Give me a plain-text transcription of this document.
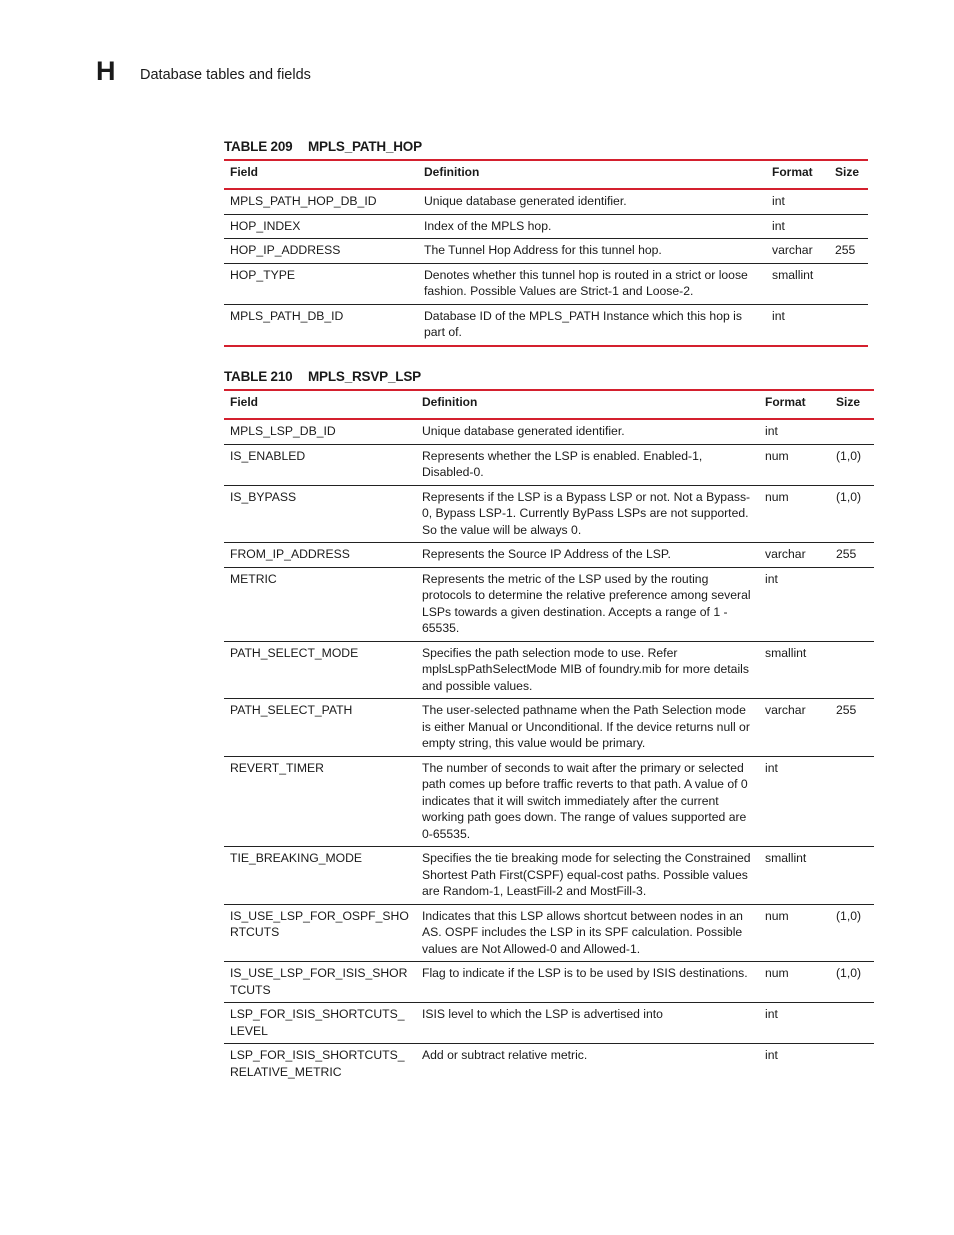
H Database tables and fields
TABLE 209 MPLS_PATH_HOP
Field	Definition	Format	Size
MPLS_PATH_HOP_DB_ID	Unique database generated identifier.	int	
HOP_INDEX	Index of the MPLS hop.	int	
HOP_IP_ADDRESS	The Tunnel Hop Address for this tunnel hop.	varchar	255
HOP_TYPE	Denotes whether this tunnel hop is routed in a strict or loose fashion. Possible Values are Strict-1 and Loose-2.	smallint	
MPLS_PATH_DB_ID	Database ID of the MPLS_PATH Instance which this hop is part of.	int	
TABLE 210 MPLS_RSVP_LSP
Field	Definition	Format	Size
MPLS_LSP_DB_ID	Unique database generated identifier.	int	
IS_ENABLED	Represents whether the LSP is enabled. Enabled-1, Disabled-0.	num	(1,0)
IS_BYPASS	Represents if the LSP is a Bypass LSP or not. Not a Bypass-0, Bypass LSP-1. Currently ByPass LSPs are not supported. So the value will be always 0.	num	(1,0)
FROM_IP_ADDRESS	Represents the Source IP Address of the LSP.	varchar	255
METRIC	Represents the metric of the LSP used by the routing protocols to determine the relative preference among several LSPs towards a given destination. Accepts a range of 1 - 65535.	int	
PATH_SELECT_MODE	Specifies the path selection mode to use. Refer mplsLspPathSelectMode MIB of foundry.mib for more details and possible values.	smallint	
PATH_SELECT_PATH	The user-selected pathname when the Path Selection mode is either Manual or Unconditional. If the device returns null or empty string, this value would be primary.	varchar	255
REVERT_TIMER	The number of seconds to wait after the primary or selected path comes up before traffic reverts to that path. A value of 0 indicates that it will switch immediately after the current working path goes down. The range of values supported are 0-65535.	int	
TIE_BREAKING_MODE	Specifies the tie breaking mode for selecting the Constrained Shortest Path First(CSPF) equal-cost paths. Possible values are Random-1, LeastFill-2 and MostFill-3.	smallint	
IS_USE_LSP_FOR_OSPF_SHORTCUTS	Indicates that this LSP allows shortcut between nodes in an AS. OSPF includes the LSP in its SPF calculation. Possible values are Not Allowed-0 and Allowed-1.	num	(1,0)
IS_USE_LSP_FOR_ISIS_SHORTCUTS	Flag to indicate if the LSP is to be used by ISIS destinations.	num	(1,0)
LSP_FOR_ISIS_SHORTCUTS_LEVEL	ISIS level to which the LSP is advertised into	int	
LSP_FOR_ISIS_SHORTCUTS_RELATIVE_METRIC	Add or subtract relative metric.	int	
